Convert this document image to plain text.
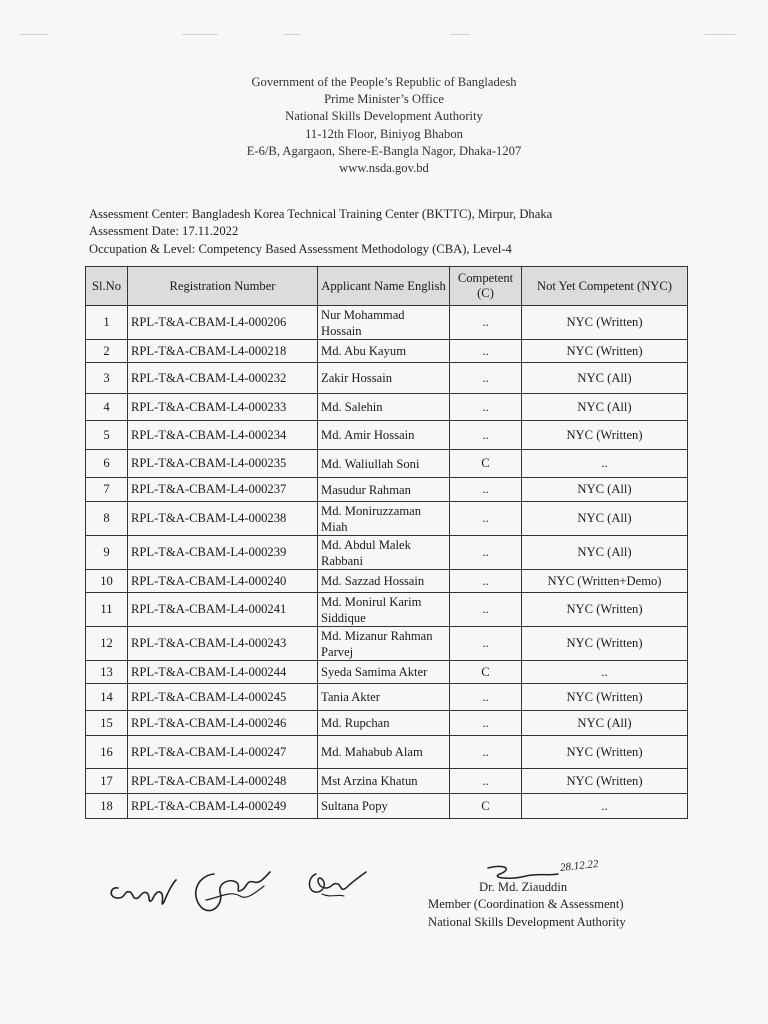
Government of the People’s Republic of Bangladesh
Prime Minister’s Office
National Skills Development Authority
11-12th Floor, Biniyog Bhabon
E-6/B, Agargaon, Shere-E-Bangla Nagor, Dhaka-1207
www.nsda.gov.bd
Assessment Center: Bangladesh Korea Technical Training Center (BKTTC), Mirpur, Dhaka
Assessment Date: 17.11.2022
Occupation & Level: Competency Based Assessment Methodology (CBA), Level-4
Sl.No	Registration Number	Applicant Name English	Competent (C)	Not Yet Competent (NYC)
1	RPL-T&A-CBAM-L4-000206	Nur Mohammad Hossain	..	NYC (Written)
2	RPL-T&A-CBAM-L4-000218	Md. Abu Kayum	..	NYC (Written)
3	RPL-T&A-CBAM-L4-000232	Zakir Hossain	..	NYC (All)
4	RPL-T&A-CBAM-L4-000233	Md. Salehin	..	NYC (All)
5	RPL-T&A-CBAM-L4-000234	Md. Amir Hossain	..	NYC (Written)
6	RPL-T&A-CBAM-L4-000235	Md. Waliullah Soni	C	..
7	RPL-T&A-CBAM-L4-000237	Masudur Rahman	..	NYC (All)
8	RPL-T&A-CBAM-L4-000238	Md. Moniruzzaman Miah	..	NYC (All)
9	RPL-T&A-CBAM-L4-000239	Md. Abdul Malek Rabbani	..	NYC (All)
10	RPL-T&A-CBAM-L4-000240	Md. Sazzad Hossain	..	NYC (Written+Demo)
11	RPL-T&A-CBAM-L4-000241	Md. Monirul Karim Siddique	..	NYC (Written)
12	RPL-T&A-CBAM-L4-000243	Md. Mizanur Rahman Parvej	..	NYC (Written)
13	RPL-T&A-CBAM-L4-000244	Syeda Samima Akter	C	..
14	RPL-T&A-CBAM-L4-000245	Tania Akter	..	NYC (Written)
15	RPL-T&A-CBAM-L4-000246	Md. Rupchan	..	NYC (All)
16	RPL-T&A-CBAM-L4-000247	Md. Mahabub Alam	..	NYC (Written)
17	RPL-T&A-CBAM-L4-000248	Mst Arzina Khatun	..	NYC (Written)
18	RPL-T&A-CBAM-L4-000249	Sultana Popy	C	..
28.12.22
Dr. Md. Ziauddin
Member (Coordination & Assessment)
National Skills Development Authority
